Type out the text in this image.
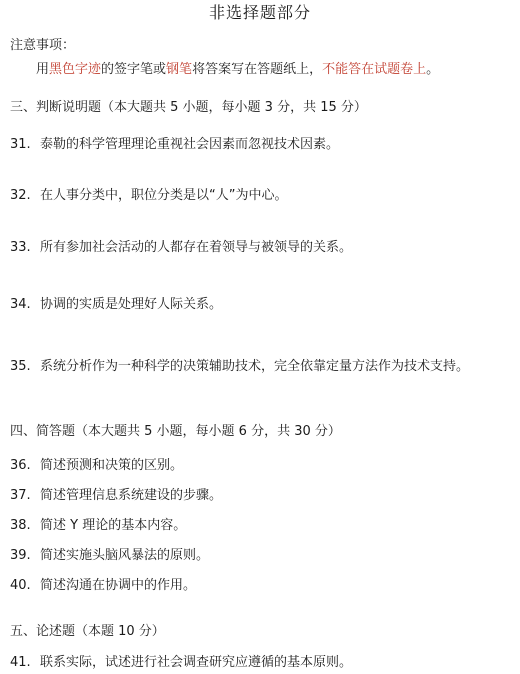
非选择题部分
注意事项：
用黑色字迹的签字笔或钢笔将答案写在答题纸上，不能答在试题卷上。
三、判断说明题（本大题共 5 小题，每小题 3 分，共 15 分）
31. 泰勒的科学管理理论重视社会因素而忽视技术因素。
32. 在人事分类中，职位分类是以“人”为中心。
33. 所有参加社会活动的人都存在着领导与被领导的关系。
34. 协调的实质是处理好人际关系。
35. 系统分析作为一种科学的决策辅助技术，完全依靠定量方法作为技术支持。
四、简答题（本大题共 5 小题，每小题 6 分，共 30 分）
36. 简述预测和决策的区别。
37. 简述管理信息系统建设的步骤。
38. 简述 Y 理论的基本内容。
39. 简述实施头脑风暴法的原则。
40. 简述沟通在协调中的作用。
五、论述题（本题 10 分）
41. 联系实际，试述进行社会调查研究应遵循的基本原则。
